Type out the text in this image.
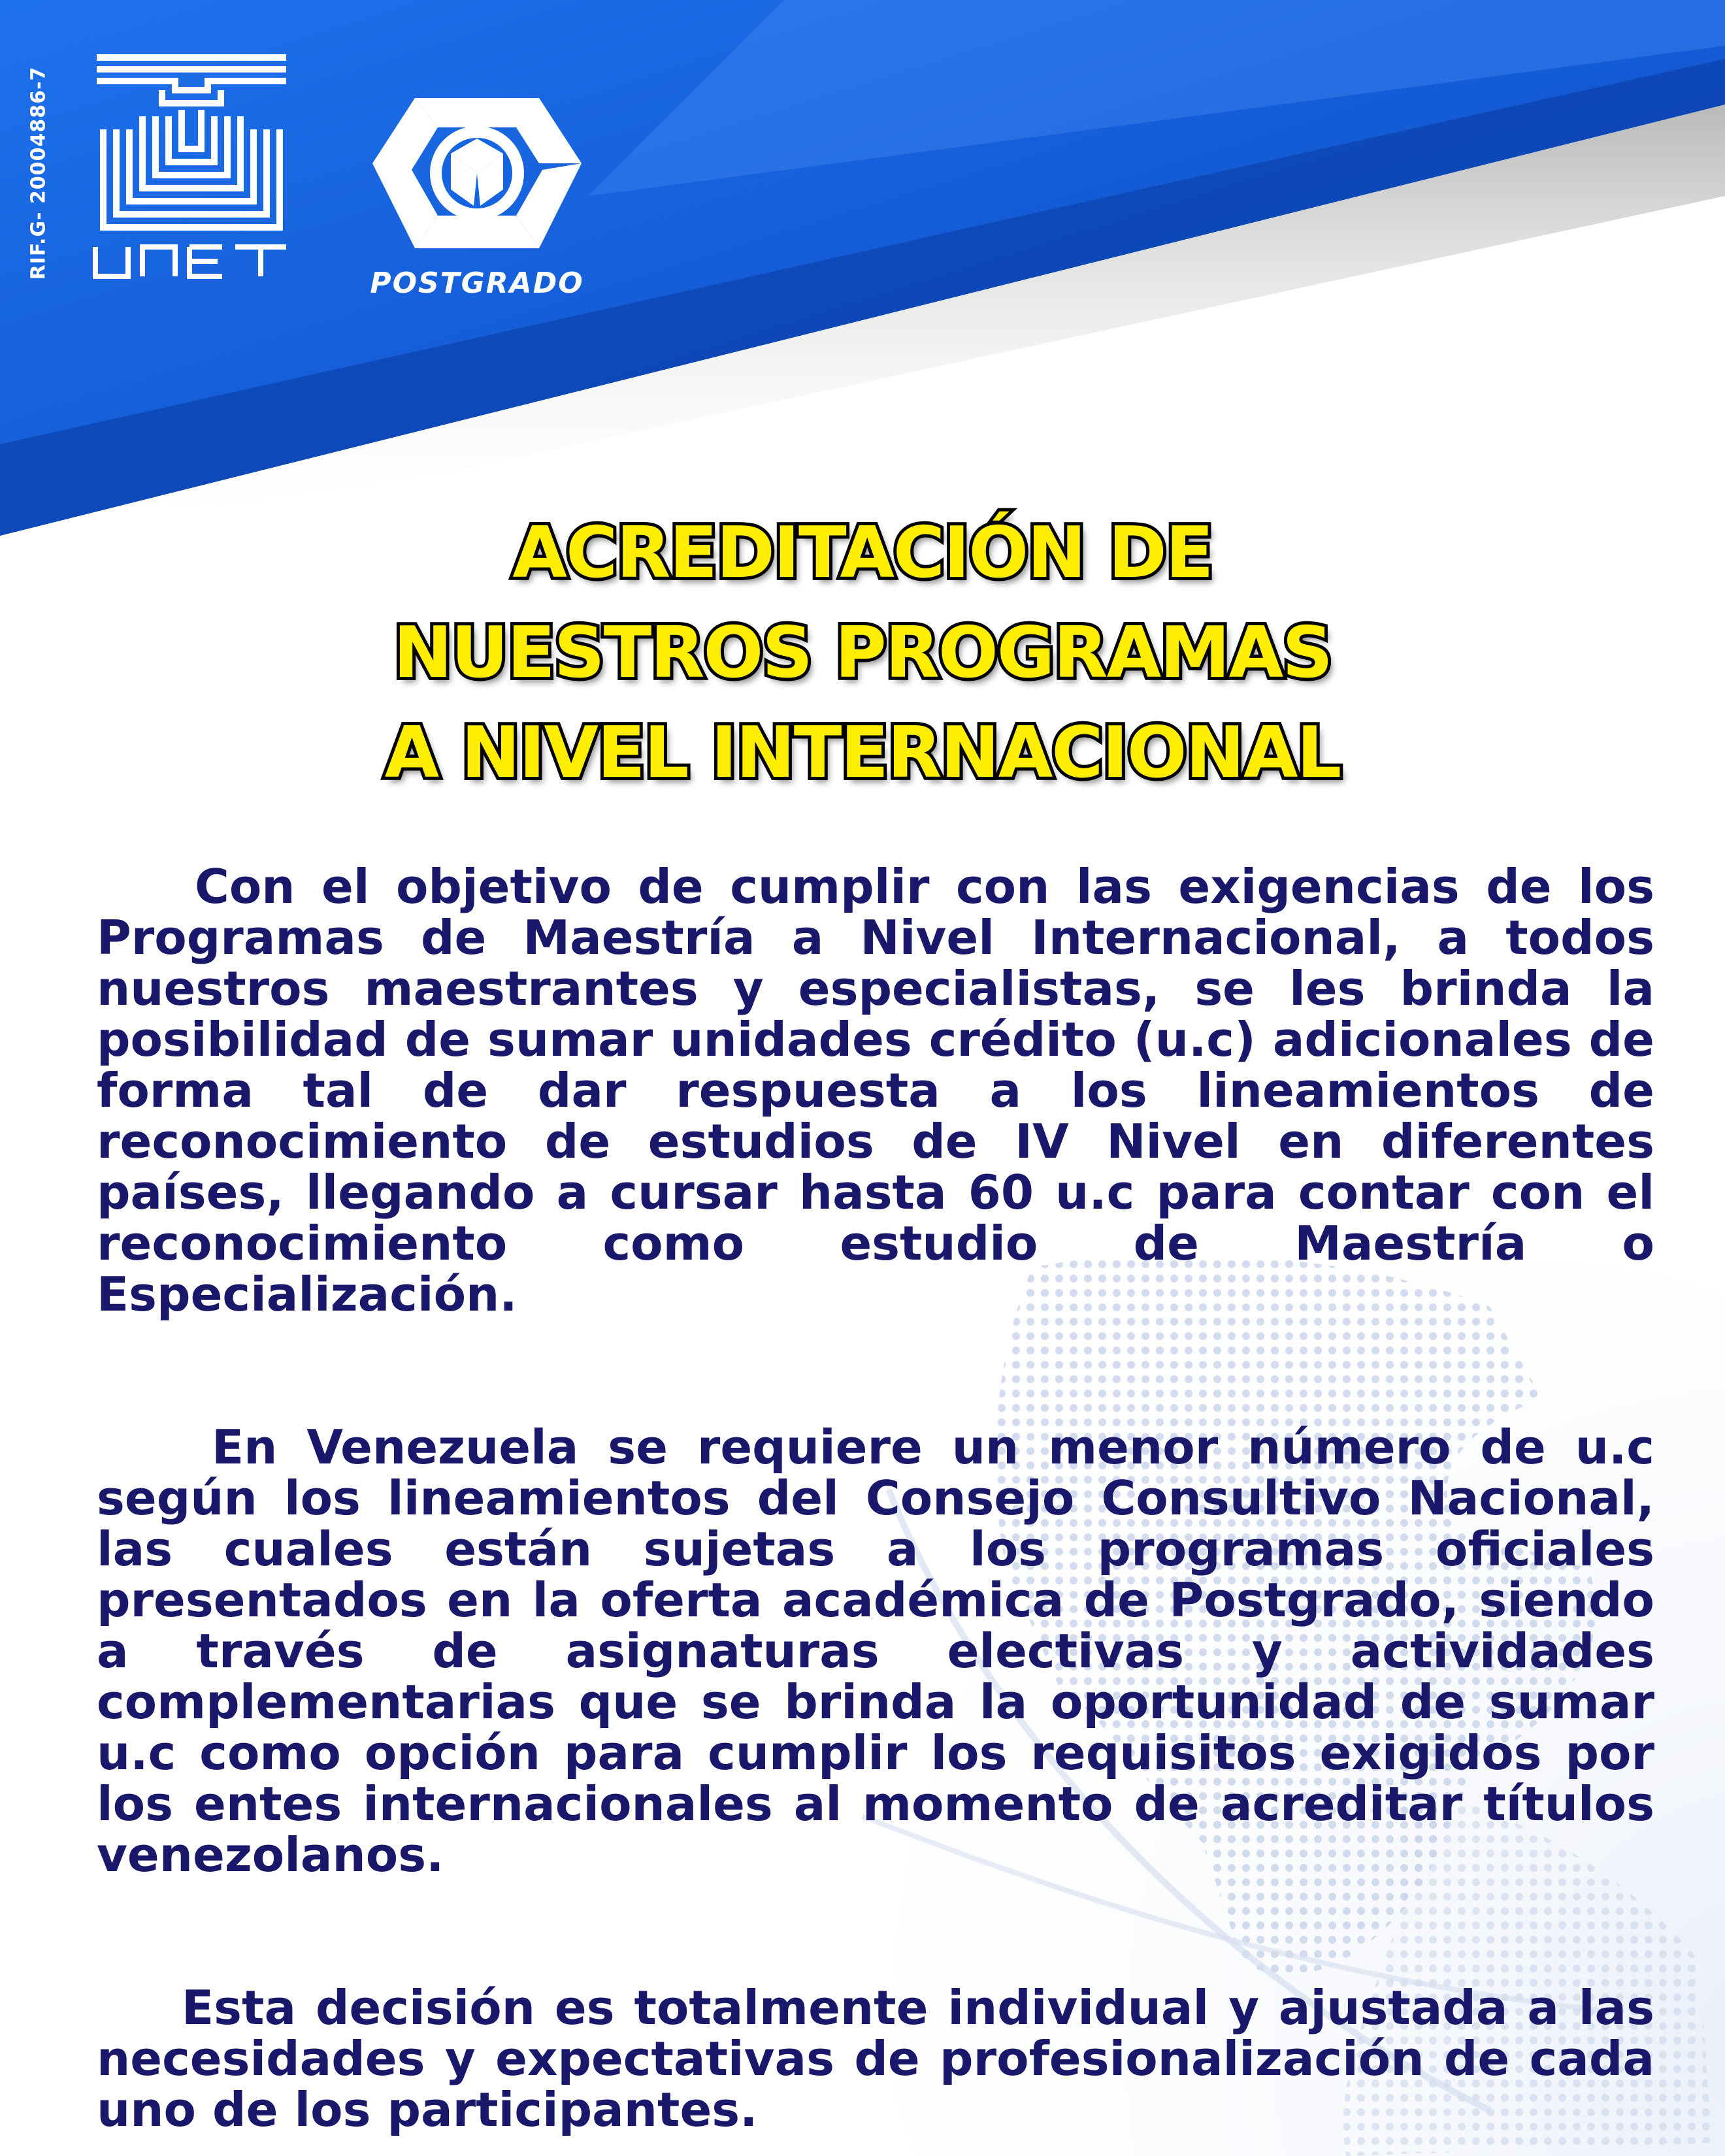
RIF.G- 20004886-7
POSTGRADO
ACREDITACIÓN DE
NUESTROS PROGRAMAS
A NIVEL INTERNACIONAL

Con el objetivo de cumplir con las exigencias de los Programas de Maestría a Nivel Internacional, a todos nuestros maestrantes y especialistas, se les brinda la posibilidad de sumar unidades crédito (u.c) adicionales de forma tal de dar respuesta a los lineamientos de reconocimiento de estudios de IV Nivel en diferentes países, llegando a cursar hasta 60 u.c para contar con el reconocimiento como estudio de Maestría o Especialización.

En Venezuela se requiere un menor número de u.c según los lineamientos del Consejo Consultivo Nacional, las cuales están sujetas a los programas oficiales presentados en la oferta académica de Postgrado, siendo a través de asignaturas electivas y actividades complementarias que se brinda la oportunidad de sumar u.c como opción para cumplir los requisitos exigidos por los entes internacionales al momento de acreditar títulos venezolanos.

Esta decisión es totalmente individual y ajustada a las necesidades y expectativas de profesionalización de cada uno de los participantes.
